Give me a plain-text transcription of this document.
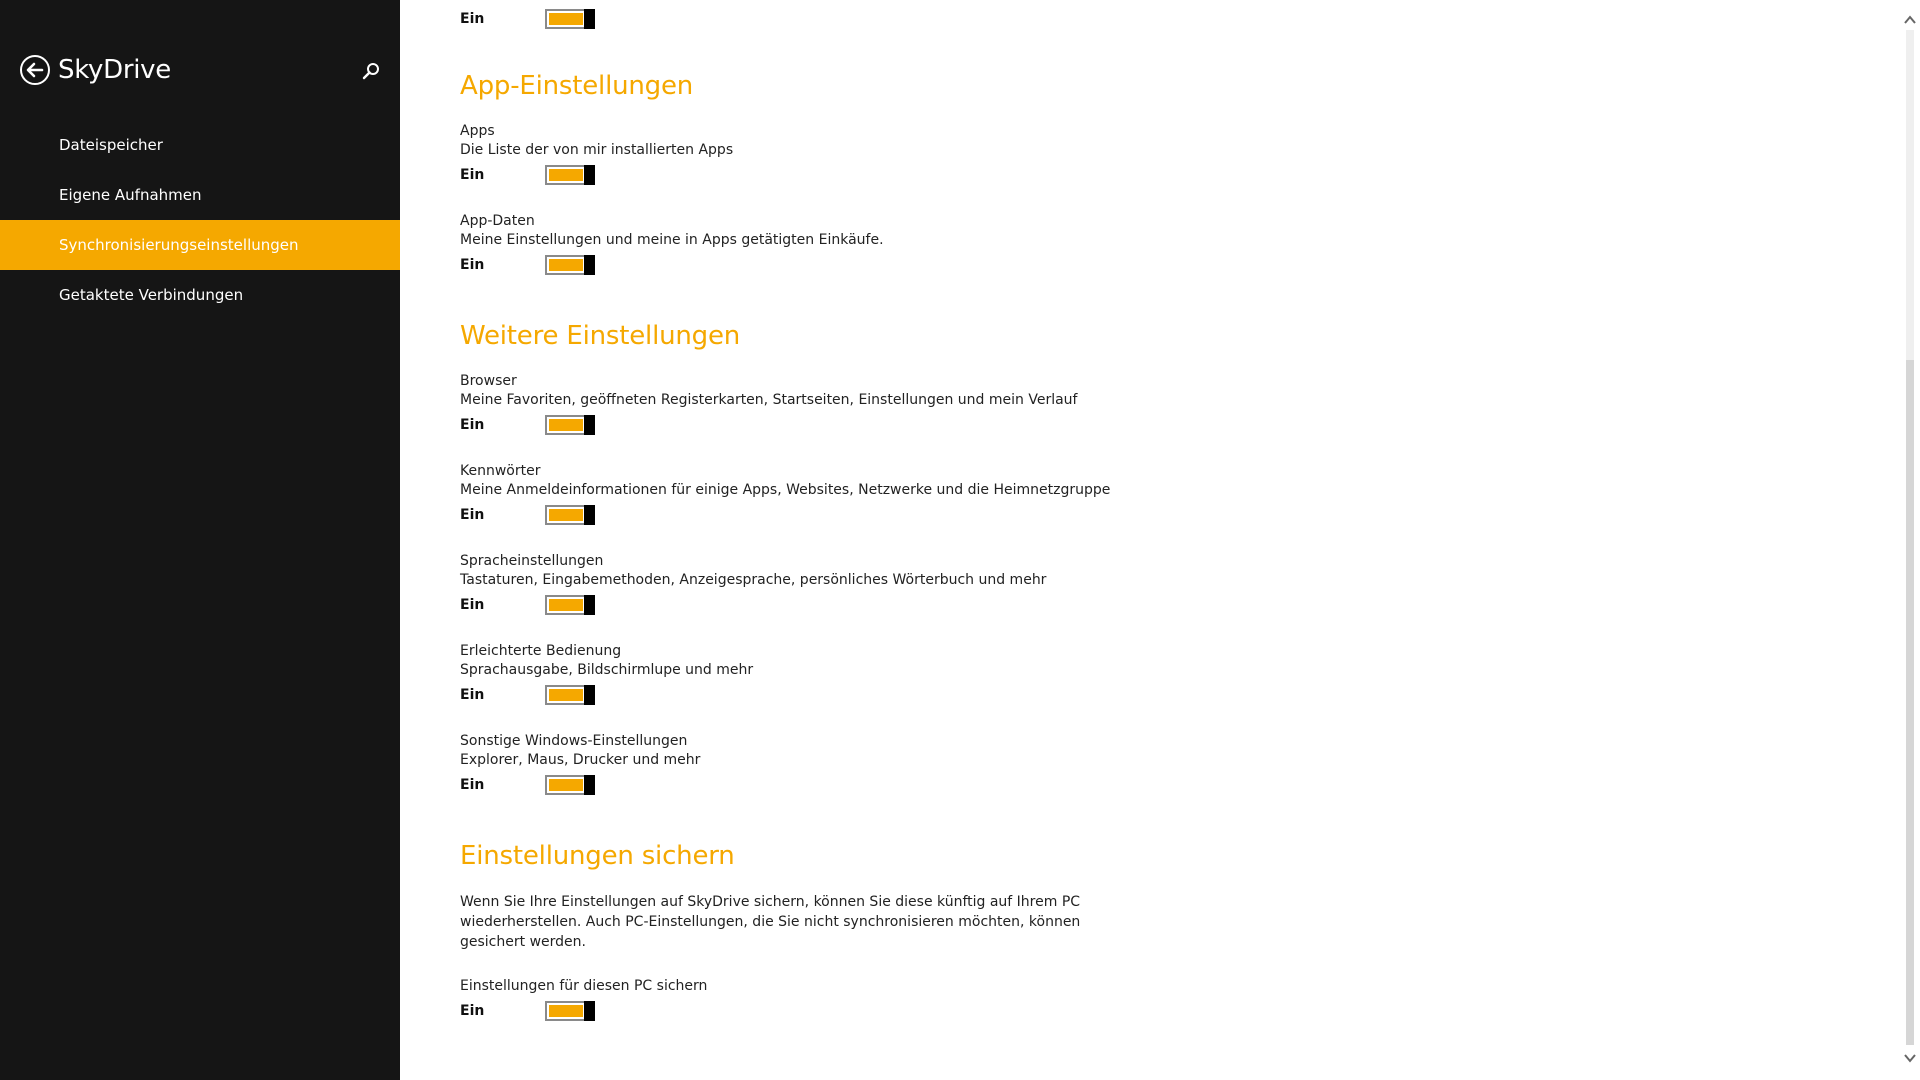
SkyDrive
Dateispeicher
Eigene Aufnahmen
Synchronisierungseinstellungen
Getaktete Verbindungen
Ein
App-Einstellungen
Apps
Die Liste der von mir installierten Apps
Ein
App-Daten
Meine Einstellungen und meine in Apps getätigten Einkäufe.
Ein
Weitere Einstellungen
Browser
Meine Favoriten, geöffneten Registerkarten, Startseiten, Einstellungen und mein Verlauf
Ein
Kennwörter
Meine Anmeldeinformationen für einige Apps, Websites, Netzwerke und die Heimnetzgruppe
Ein
Spracheinstellungen
Tastaturen, Eingabemethoden, Anzeigesprache, persönliches Wörterbuch und mehr
Ein
Erleichterte Bedienung
Sprachausgabe, Bildschirmlupe und mehr
Ein
Sonstige Windows-Einstellungen
Explorer, Maus, Drucker und mehr
Ein
Einstellungen sichern
Wenn Sie Ihre Einstellungen auf SkyDrive sichern, können Sie diese künftig auf Ihrem PC
wiederherstellen. Auch PC-Einstellungen, die Sie nicht synchronisieren möchten, können
gesichert werden.
Einstellungen für diesen PC sichern
Ein
